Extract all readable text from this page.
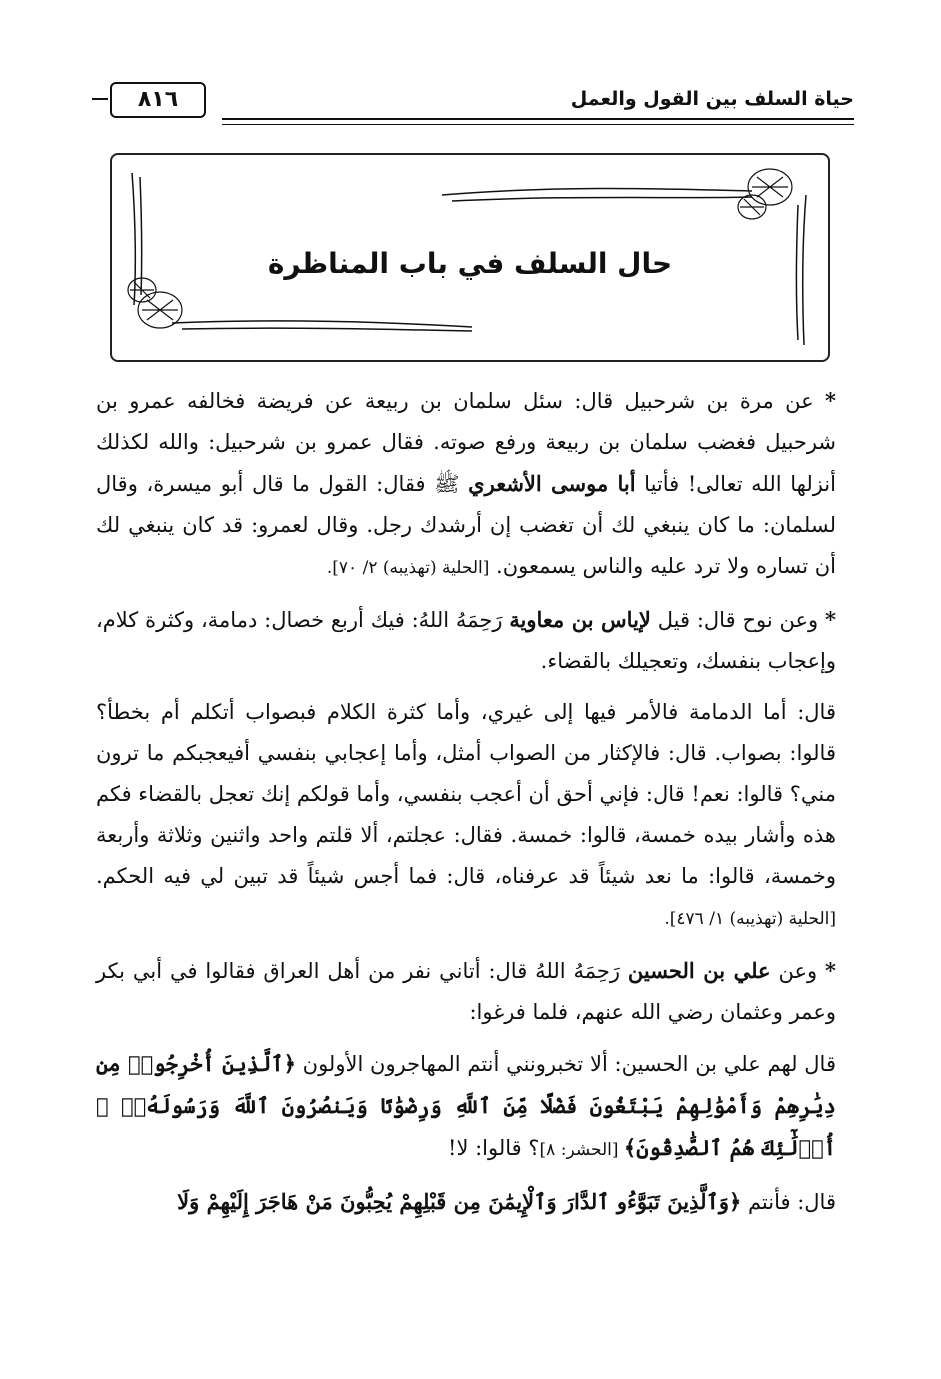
٨١٦	حياة السلف بين القول والعمل
حال السلف في باب المناظرة

* عن مرة بن شرحبيل قال: سئل سلمان بن ربيعة عن فريضة فخالفه عمرو بن شرحبيل فغضب سلمان بن ربيعة ورفع صوته. فقال عمرو بن شرحبيل: والله لكذلك أنزلها الله تعالى! فأتيا أبا موسى الأشعري ﷺ فقال: القول ما قال أبو ميسرة، وقال لسلمان: ما كان ينبغي لك أن تغضب إن أرشدك رجل. وقال لعمرو: قد كان ينبغي لك أن تساره ولا ترد عليه والناس يسمعون. [الحلية (تهذيبه) ٢/ ٧٠].

* وعن نوح قال: قيل لإياس بن معاوية رَحِمَهُ اللهُ: فيك أربع خصال: دمامة، وكثرة كلام، وإعجاب بنفسك، وتعجيلك بالقضاء.

قال: أما الدمامة فالأمر فيها إلى غيري، وأما كثرة الكلام فبصواب أتكلم أم بخطأ؟ قالوا: بصواب. قال: فالإكثار من الصواب أمثل، وأما إعجابي بنفسي أفيعجبكم ما ترون مني؟ قالوا: نعم! قال: فإني أحق أن أعجب بنفسي، وأما قولكم إنك تعجل بالقضاء فكم هذه وأشار بيده خمسة، قالوا: خمسة. فقال: عجلتم، ألا قلتم واحد واثنين وثلاثة وأربعة وخمسة، قالوا: ما نعد شيئاً قد عرفناه، قال: فما أجس شيئاً قد تبين لي فيه الحكم. [الحلية (تهذيبه) ١/ ٤٧٦].

* وعن علي بن الحسين رَحِمَهُ اللهُ قال: أتاني نفر من أهل العراق فقالوا في أبي بكر وعمر وعثمان رضي الله عنهم، فلما فرغوا:

قال لهم علي بن الحسين: ألا تخبرونني أنتم المهاجرون الأولون ﴿ٱلَّذِينَ أُخْرِجُوا۟ مِن دِيَٰرِهِمْ وَأَمْوَٰلِهِمْ يَبْتَغُونَ فَضْلًا مِّنَ ٱللَّهِ وَرِضْوَٰنًا وَيَنصُرُونَ ٱللَّهَ وَرَسُولَهُۥٓ ۚ أُو۟لَٰٓئِكَ هُمُ ٱلصَّٰدِقُونَ﴾ [الحشر: ٨]؟ قالوا: لا!

قال: فأنتم ﴿وَٱلَّذِينَ تَبَوَّءُو ٱلدَّارَ وَٱلْإِيمَٰنَ مِن قَبْلِهِمْ يُحِبُّونَ مَنْ هَاجَرَ إِلَيْهِمْ وَلَا
